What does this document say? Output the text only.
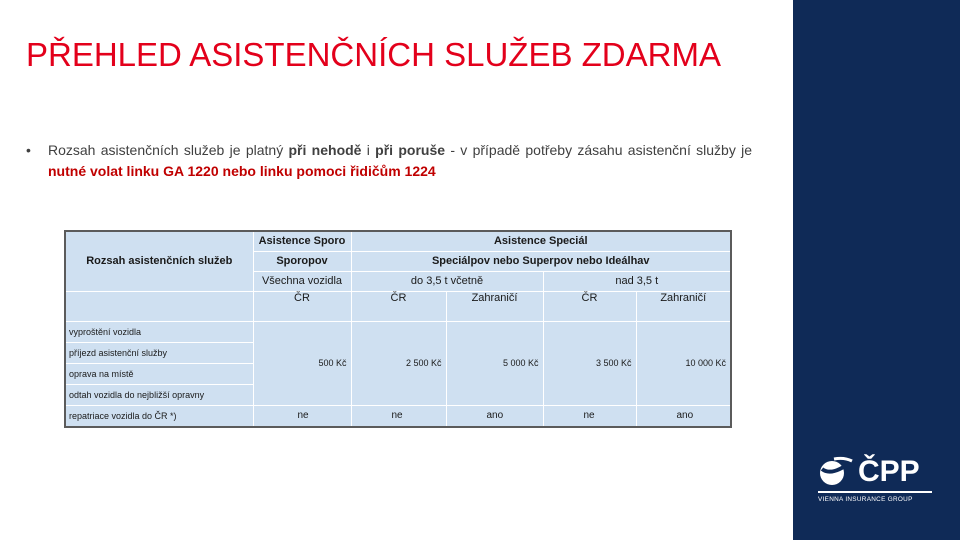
PŘEHLED ASISTENČNÍCH SLUŽEB ZDARMA
• Rozsah asistenčních služeb je platný při nehodě i při poruše - v případě potřeby zásahu asistenční služby je nutné volat linku GA 1220 nebo linku pomoci řidičům 1224
Rozsah asistenčních služeb	Asistence Sporo	Asistence Speciál			
	Sporopov	Speciálpov nebo Superpov nebo Ideálhav			
	Všechna vozidla	do 3,5 t včetně		nad 3,5 t	
	ČR	ČR	Zahraničí	ČR	Zahraničí
vyproštění vozidla	500 Kč	2 500 Kč	5 000 Kč	3 500 Kč	10 000 Kč
příjezd asistenční služby					
oprava na místě					
odtah vozidla do nejbližší opravny					
repatriace vozidla do ČR *)	ne	ne	ano	ne	ano
ČPP
VIENNA INSURANCE GROUP
